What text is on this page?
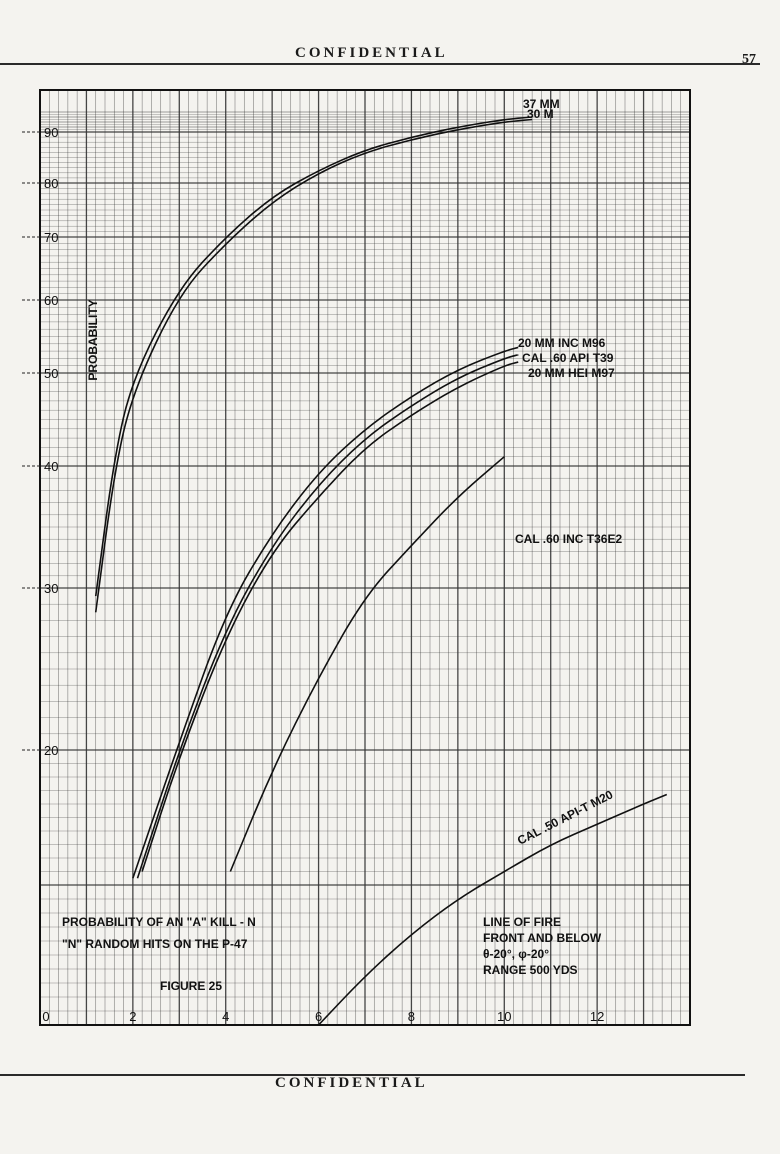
CONFIDENTIAL	57
0	2	4	6	8	10	12
20
30
40
50
60
70
80
90
PROBABILITY
37 MM
30 M
20 MM INC M96
CAL .60 API T39
20 MM HEI M97
CAL .60 INC T36E2
CAL .50 API-T M20
PROBABILITY OF AN "A" KILL - N
"N" RANDOM HITS ON THE P-47
FIGURE 25
LINE OF FIRE
FRONT AND BELOW
θ-20°, φ-20°
RANGE 500 YDS
CONFIDENTIAL
